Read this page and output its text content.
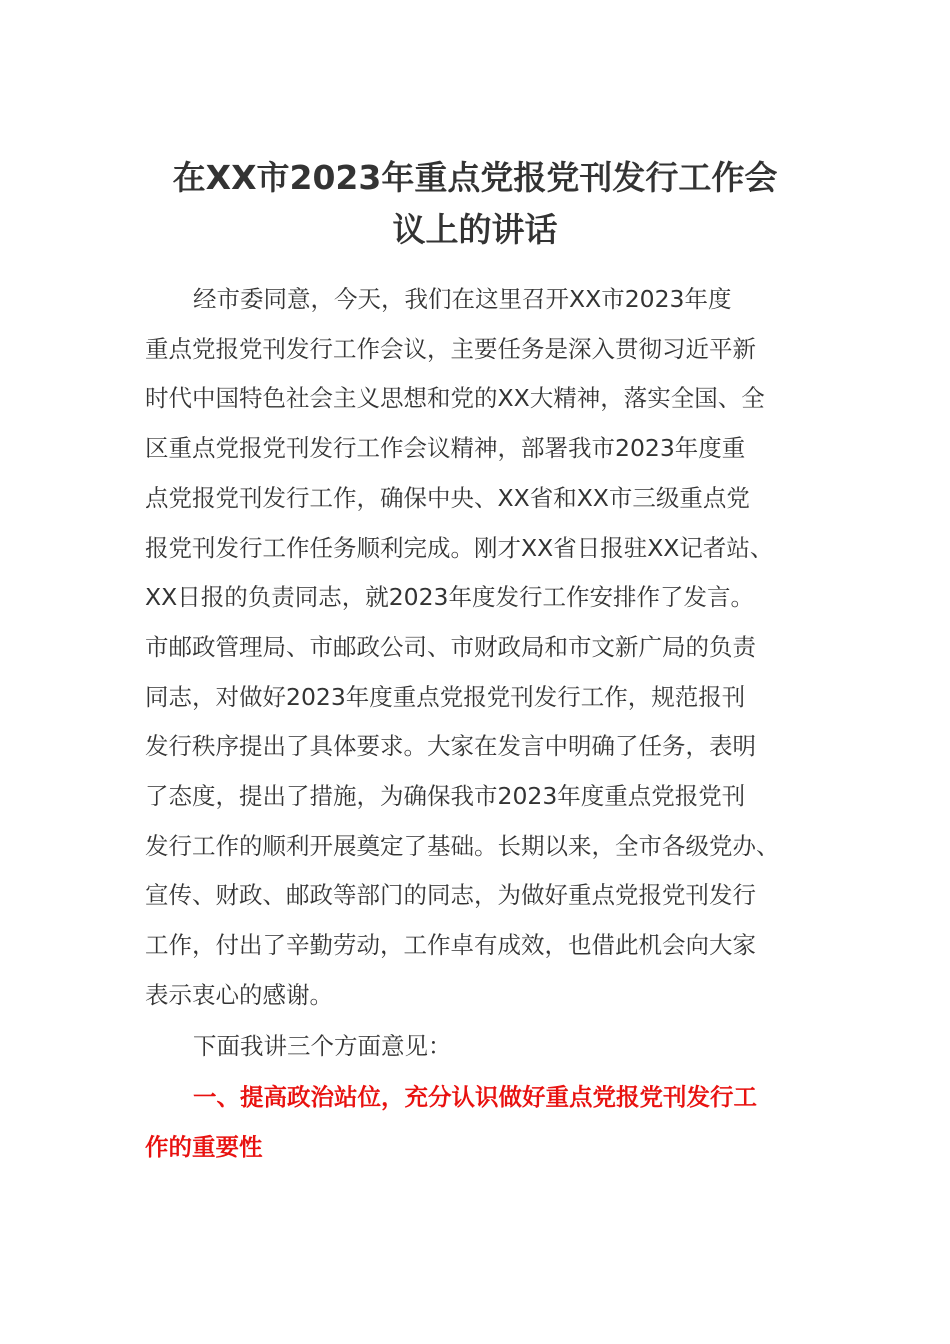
在XX市2023年重点党报党刊发行工作会
议上的讲话
经市委同意，今天，我们在这里召开XX市2023年度
重点党报党刊发行工作会议，主要任务是深入贯彻习近平新
时代中国特色社会主义思想和党的XX大精神，落实全国、全
区重点党报党刊发行工作会议精神，部署我市2023年度重
点党报党刊发行工作，确保中央、XX省和XX市三级重点党
报党刊发行工作任务顺利完成。刚才XX省日报驻XX记者站、
XX日报的负责同志，就2023年度发行工作安排作了发言。
市邮政管理局、市邮政公司、市财政局和市文新广局的负责
同志，对做好2023年度重点党报党刊发行工作，规范报刊
发行秩序提出了具体要求。大家在发言中明确了任务，表明
了态度，提出了措施，为确保我市2023年度重点党报党刊
发行工作的顺利开展奠定了基础。长期以来，全市各级党办、
宣传、财政、邮政等部门的同志，为做好重点党报党刊发行
工作，付出了辛勤劳动，工作卓有成效，也借此机会向大家
表示衷心的感谢。
下面我讲三个方面意见：
一、提高政治站位，充分认识做好重点党报党刊发行工
作的重要性
